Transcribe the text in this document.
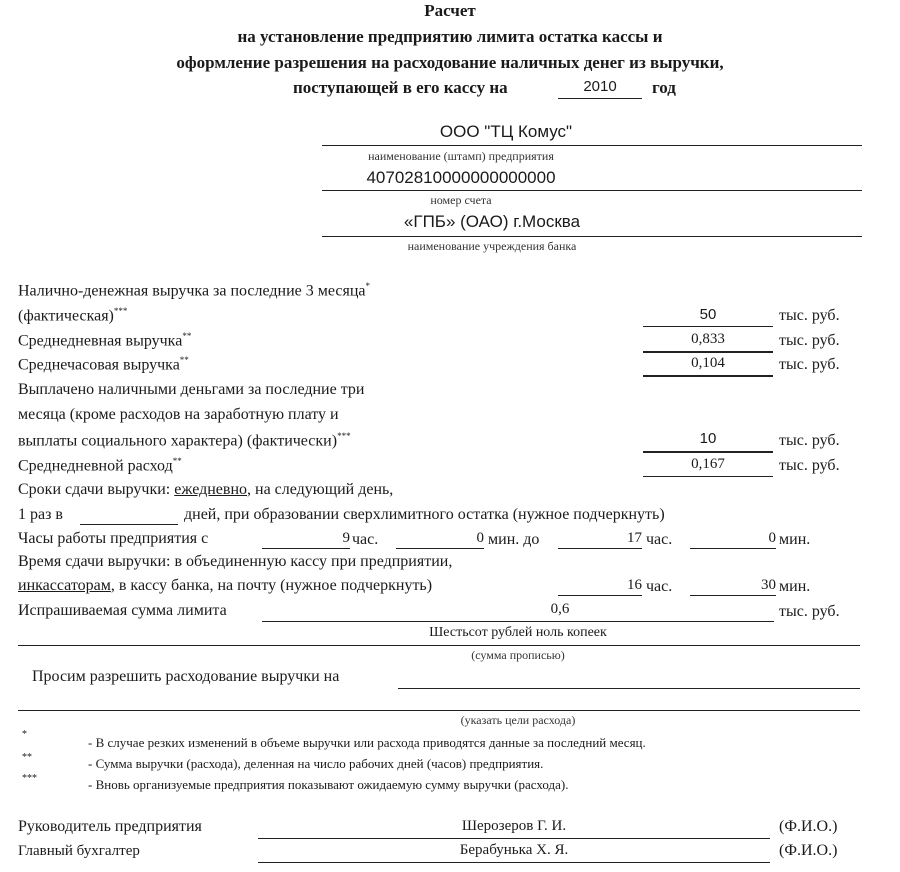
Расчет
на установление предприятию лимита остатка кассы и
оформление разрешения на расходование наличных денег из выручки,
поступающей в его кассу на	2010	год
ООО "ТЦ Комус"
наименование (штамп) предприятия
40702810000000000000
номер счета
«ГПБ» (ОАО) г.Москва
наименование учреждения банка
Налично-денежная выручка за последние 3 месяца*
(фактическая)***	50	тыс. руб.
Среднедневная выручка**	0,833	тыс. руб.
Среднечасовая выручка**	0,104	тыс. руб.
Выплачено наличными деньгами за последние три
месяца (кроме расходов на заработную плату и
выплаты социального характера) (фактически)***	10	тыс. руб.
Среднедневной расход**	0,167	тыс. руб.
Сроки сдачи выручки: ежедневно, на следующий день,
1 раз в	дней, при образовании сверхлимитного остатка (нужное подчеркнуть)
Часы работы предприятия с	9 час.	0 мин. до	17 час.	0 мин.
Время сдачи выручки: в объединенную кассу при предприятии,
инкассаторам, в кассу банка, на почту (нужное подчеркнуть)	16 час.	30 мин.
Испрашиваемая сумма лимита	0,6	тыс. руб.
Шестьсот рублей ноль копеек
(сумма прописью)
Просим разрешить расходование выручки на
(указать цели расхода)
*
- В случае резких изменений в объеме выручки или расхода приводятся данные за последний месяц.
**	- Сумма выручки (расхода), деленная на число рабочих дней (часов) предприятия.
***	- Вновь организуемые предприятия показывают ожидаемую сумму выручки (расхода).
Руководитель предприятия	Шерозеров Г. И.	(Ф.И.О.)
Главный бухгалтер	Берабунька Х. Я.	(Ф.И.О.)
